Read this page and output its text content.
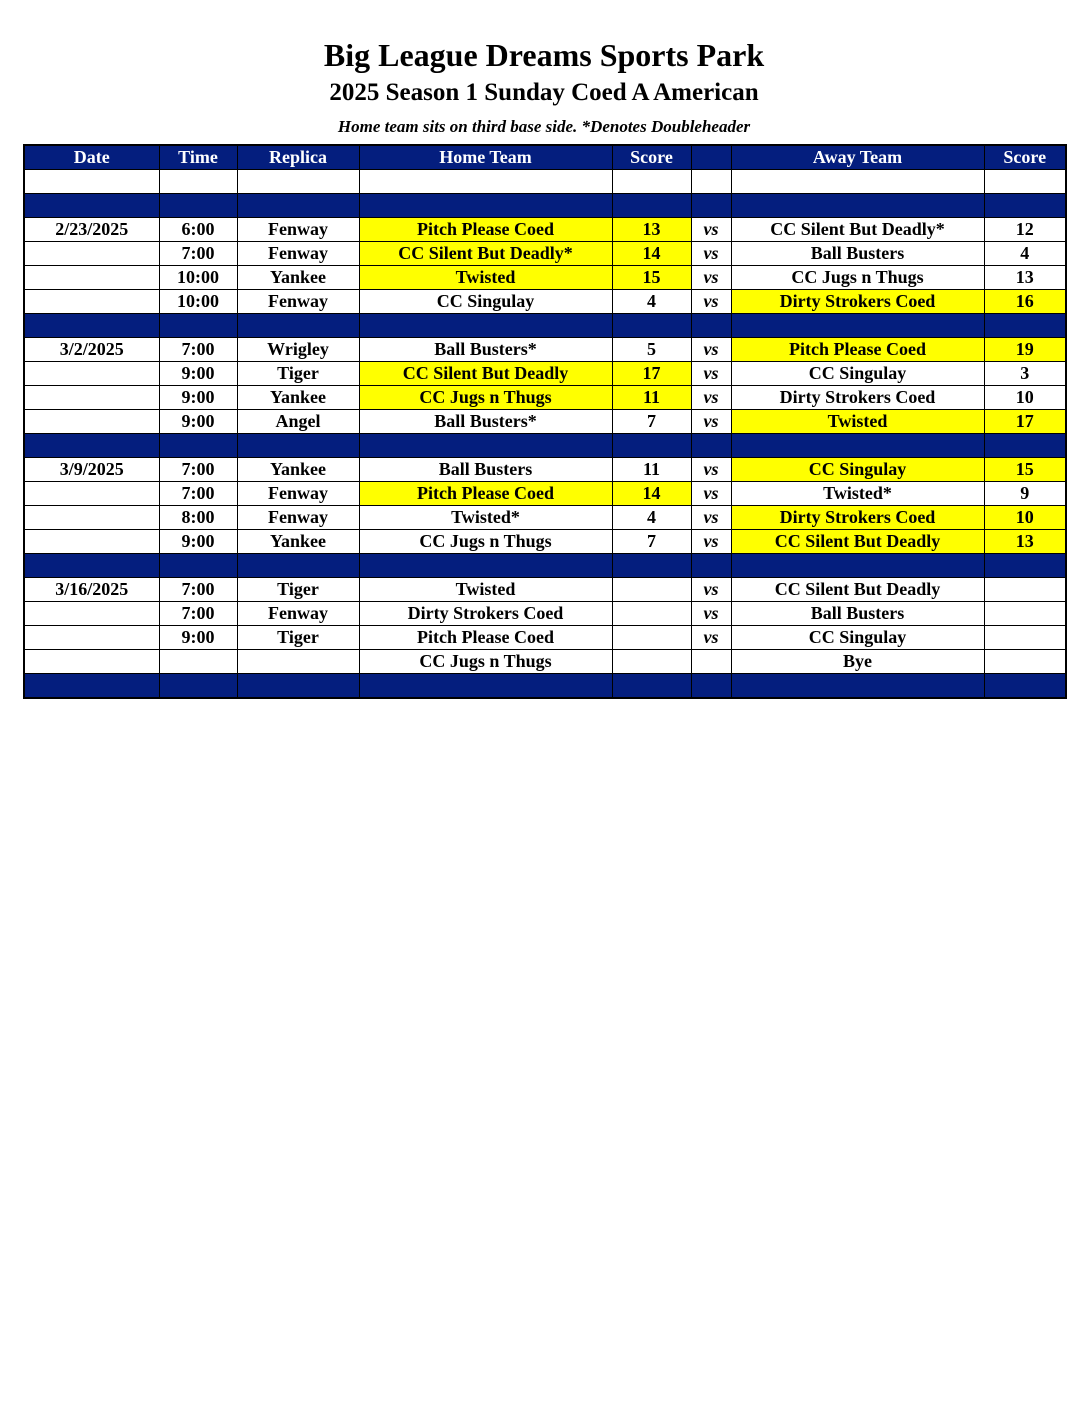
Big League Dreams Sports Park
2025 Season 1 Sunday Coed A American
Home team sits on third base side. *Denotes Doubleheader
Date	Time	Replica	Home Team	Score		Away Team	Score

2/23/2025	6:00	Fenway	Pitch Please Coed	13	vs	CC Silent But Deadly*	12
	7:00	Fenway	CC Silent But Deadly*	14	vs	Ball Busters	4
	10:00	Yankee	Twisted	15	vs	CC Jugs n Thugs	13
	10:00	Fenway	CC Singulay	4	vs	Dirty Strokers Coed	16

3/2/2025	7:00	Wrigley	Ball Busters*	5	vs	Pitch Please Coed	19
	9:00	Tiger	CC Silent But Deadly	17	vs	CC Singulay	3
	9:00	Yankee	CC Jugs n Thugs	11	vs	Dirty Strokers Coed	10
	9:00	Angel	Ball Busters*	7	vs	Twisted	17

3/9/2025	7:00	Yankee	Ball Busters	11	vs	CC Singulay	15
	7:00	Fenway	Pitch Please Coed	14	vs	Twisted*	9
	8:00	Fenway	Twisted*	4	vs	Dirty Strokers Coed	10
	9:00	Yankee	CC Jugs n Thugs	7	vs	CC Silent But Deadly	13

3/16/2025	7:00	Tiger	Twisted		vs	CC Silent But Deadly	
	7:00	Fenway	Dirty Strokers Coed		vs	Ball Busters	
	9:00	Tiger	Pitch Please Coed		vs	CC Singulay	
			CC Jugs n Thugs			Bye	
